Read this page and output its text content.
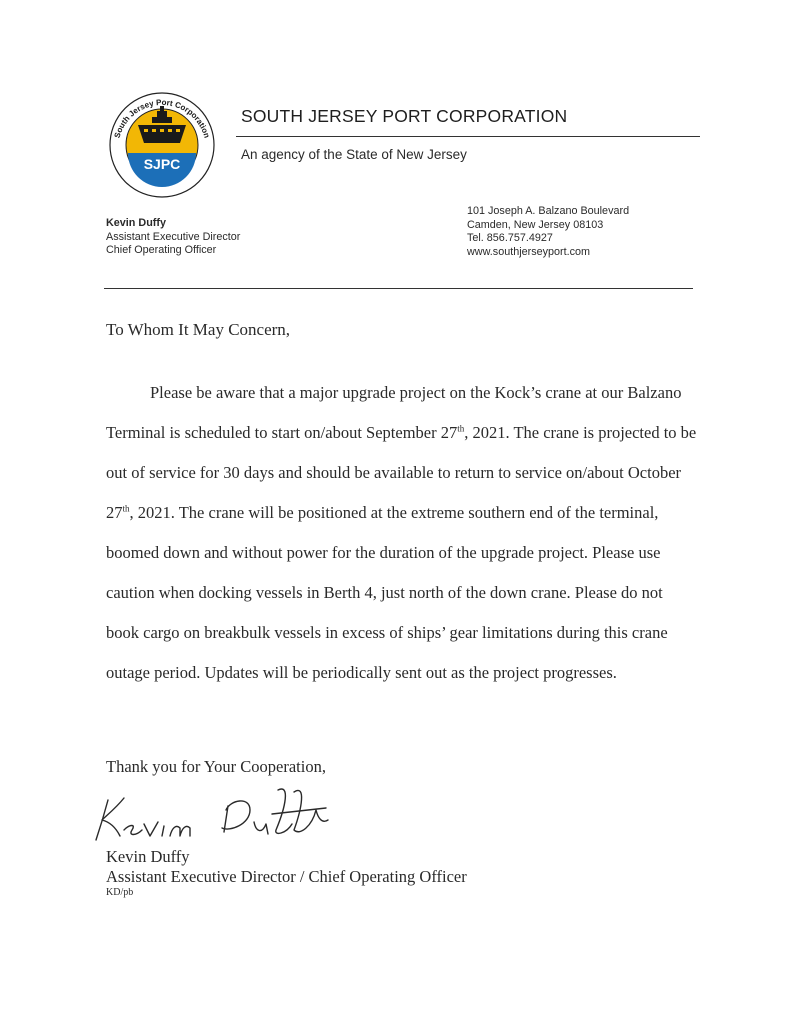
SJPC
South Jersey Port Corporation
SOUTH JERSEY PORT CORPORATION
An agency of the State of New Jersey
Kevin Duffy
Assistant Executive Director
Chief Operating Officer
101 Joseph A. Balzano Boulevard
Camden, New Jersey 08103
Tel. 856.757.4927
www.southjerseyport.com
To Whom It May Concern,

Please be aware that a major upgrade project on the Kock’s crane at our Balzano Terminal is scheduled to start on/about September 27th, 2021. The crane is projected to be out of service for 30 days and should be available to return to service on/about October 27th, 2021. The crane will be positioned at the extreme southern end of the terminal, boomed down and without power for the duration of the upgrade project. Please use caution when docking vessels in Berth 4, just north of the down crane. Please do not book cargo on breakbulk vessels in excess of ships’ gear limitations during this crane outage period. Updates will be periodically sent out as the project progresses.

Thank you for Your Cooperation,
Kevin Duffy
Assistant Executive Director / Chief Operating Officer
KD/pb
